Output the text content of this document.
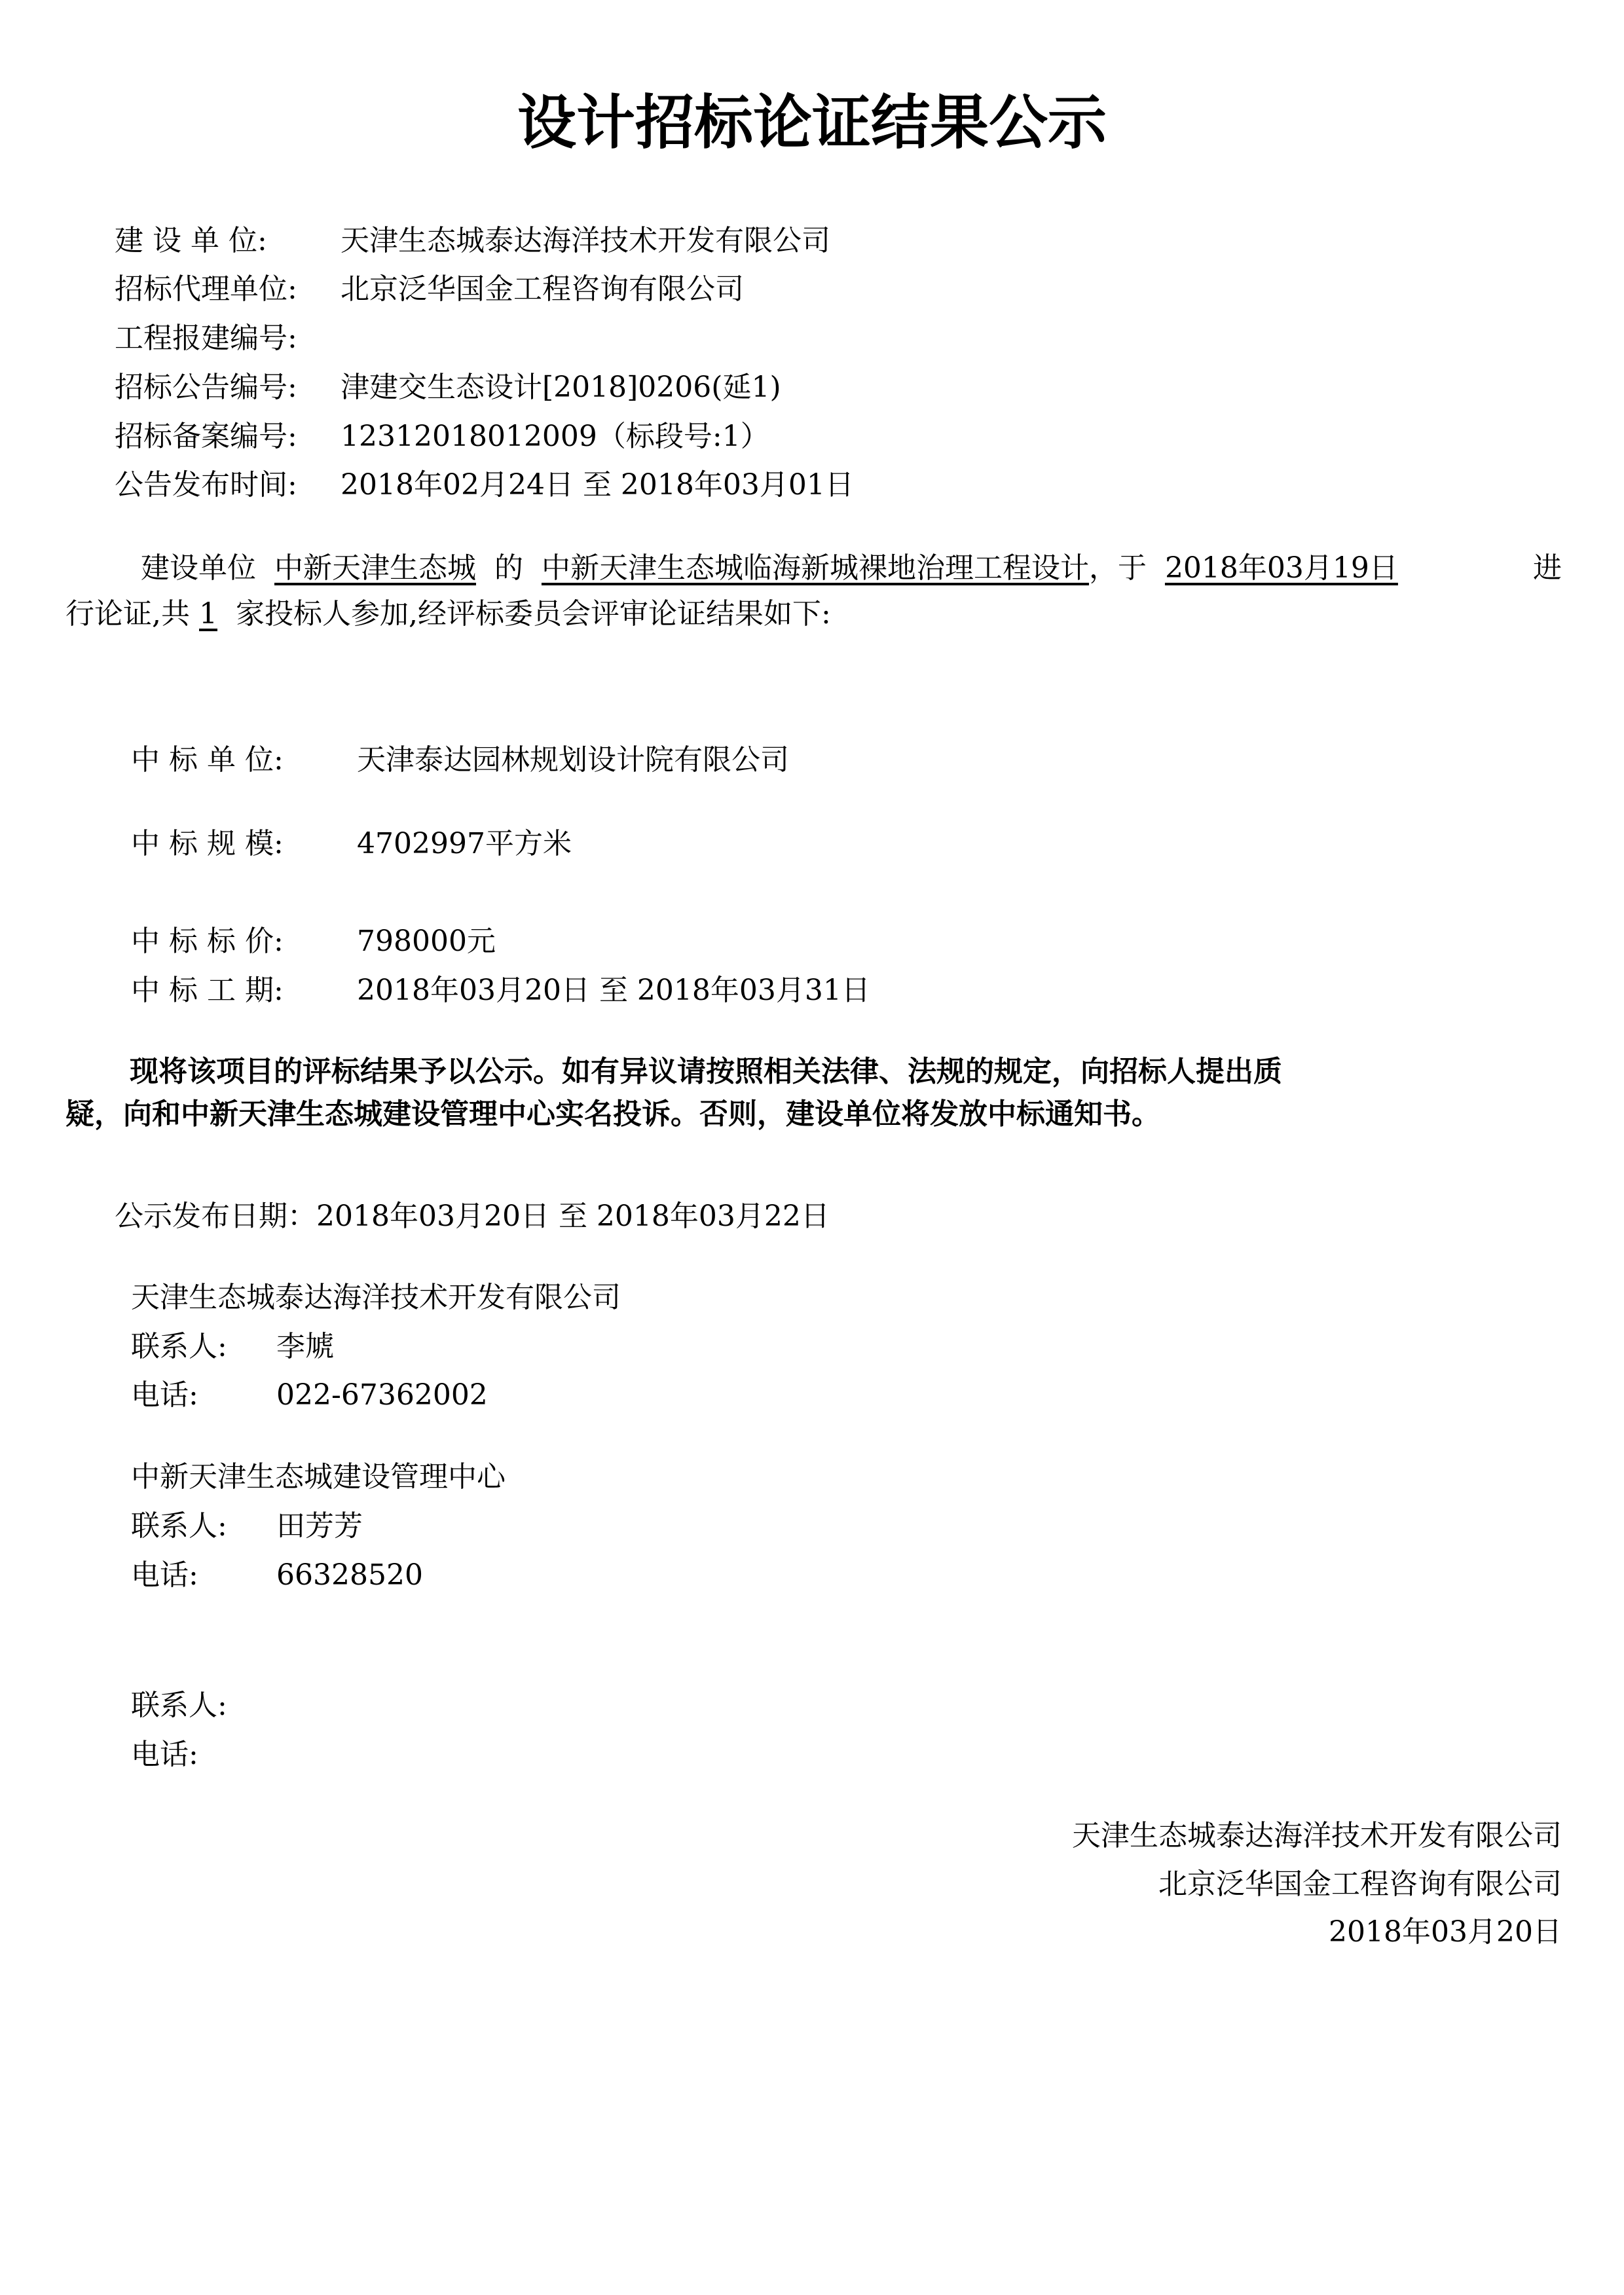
设计招标论证结果公示
建 设 单 位:	天津生态城泰达海洋技术开发有限公司
招标代理单位: 北京泛华国金工程咨询有限公司
工程报建编号:
招标公告编号: 津建交生态设计[2018]0206(延1)
招标备案编号: 12312018012009（标段号:1）
公告发布时间: 2018年02月24日 至 2018年03月01日
建设单位 中新天津生态城 的 中新天津生态城临海新城裸地治理工程设计，于 2018年03月19日	进
行论证,共 1 家投标人参加,经评标委员会评审论证结果如下:
中 标 单 位:	天津泰达园林规划设计院有限公司
中 标 规 模:	4702997平方米
中 标 标 价:	798000元
中 标 工 期:	2018年03月20日 至 2018年03月31日
现将该项目的评标结果予以公示。如有异议请按照相关法律、法规的规定，向招标人提出质
疑，向和中新天津生态城建设管理中心实名投诉。否则，建设单位将发放中标通知书。
公示发布日期：2018年03月20日 至 2018年03月22日
天津生态城泰达海洋技术开发有限公司
联系人: 李虓
电话:	022-67362002
中新天津生态城建设管理中心
联系人: 田芳芳
电话:	66328520
联系人:
电话:
天津生态城泰达海洋技术开发有限公司
北京泛华国金工程咨询有限公司
2018年03月20日
